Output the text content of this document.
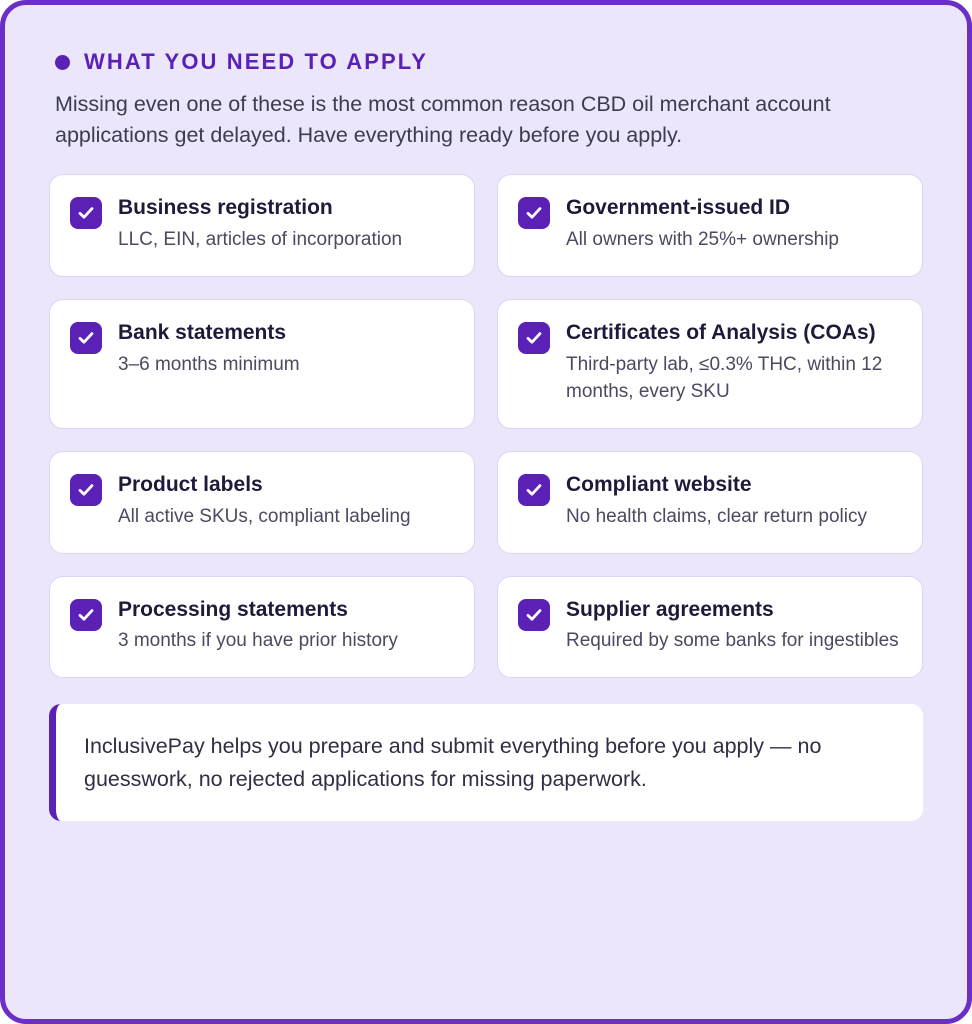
WHAT YOU NEED TO APPLY

Missing even one of these is the most common reason CBD oil merchant account applications get delayed. Have everything ready before you apply.

Business registration

LLC, EIN, articles of incorporation

Government-issued ID

All owners with 25%+ ownership

Bank statements

3–6 months minimum

Certificates of Analysis (COAs)

Third-party lab, ≤0.3% THC, within 12 months, every SKU

Product labels

All active SKUs, compliant labeling

Compliant website

No health claims, clear return policy

Processing statements

3 months if you have prior history

Supplier agreements

Required by some banks for ingestibles

InclusivePay helps you prepare and submit everything before you apply — no guesswork, no rejected applications for missing paperwork.
